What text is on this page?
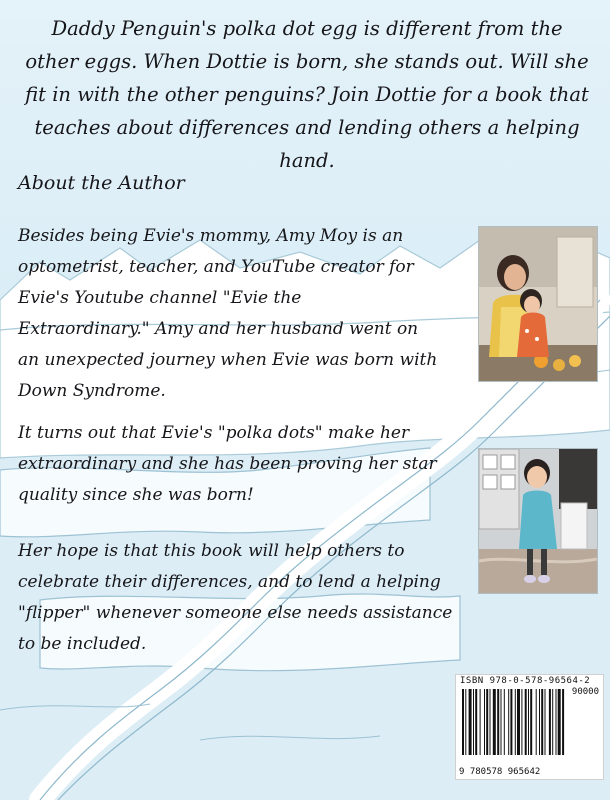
Daddy Penguin's polka dot egg is different from the other eggs. When Dottie is born, she stands out. Will she fit in with the other penguins? Join Dottie for a book that teaches about differences and lending others a helping hand.
About the Author
Besides being Evie's mommy, Amy Moy is an optometrist, teacher, and YouTube creator for Evie's Youtube channel "Evie the Extraordinary." Amy and her husband went on an unexpected journey when Evie was born with Down Syndrome.
It turns out that Evie's "polka dots" make her extraordinary and she has been proving her star quality since she was born!
Her hope is that this book will help others to celebrate their differences, and to lend a helping "flipper" whenever someone else needs assistance to be included.
ISBN 978-0-578-96564-2
90000
9 780578 965642
